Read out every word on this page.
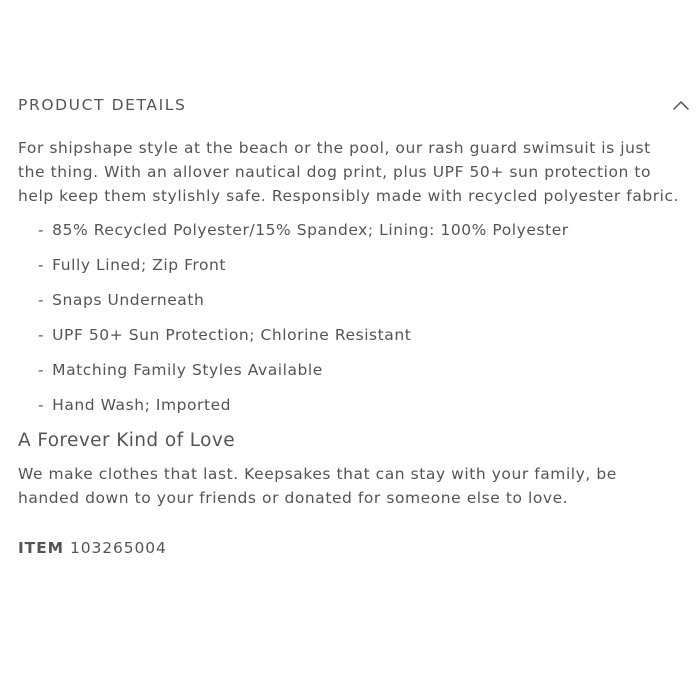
PRODUCT DETAILS

For shipshape style at the beach or the pool, our rash guard swimsuit is just the thing. With an allover nautical dog print, plus UPF 50+ sun protection to help keep them stylishly safe. Responsibly made with recycled polyester fabric.

- 85% Recycled Polyester/15% Spandex; Lining: 100% Polyester
- Fully Lined; Zip Front
- Snaps Underneath
- UPF 50+ Sun Protection; Chlorine Resistant
- Matching Family Styles Available
- Hand Wash; Imported
A Forever Kind of Love

We make clothes that last. Keepsakes that can stay with your family, be handed down to your friends or donated for someone else to love.

ITEM 103265004
